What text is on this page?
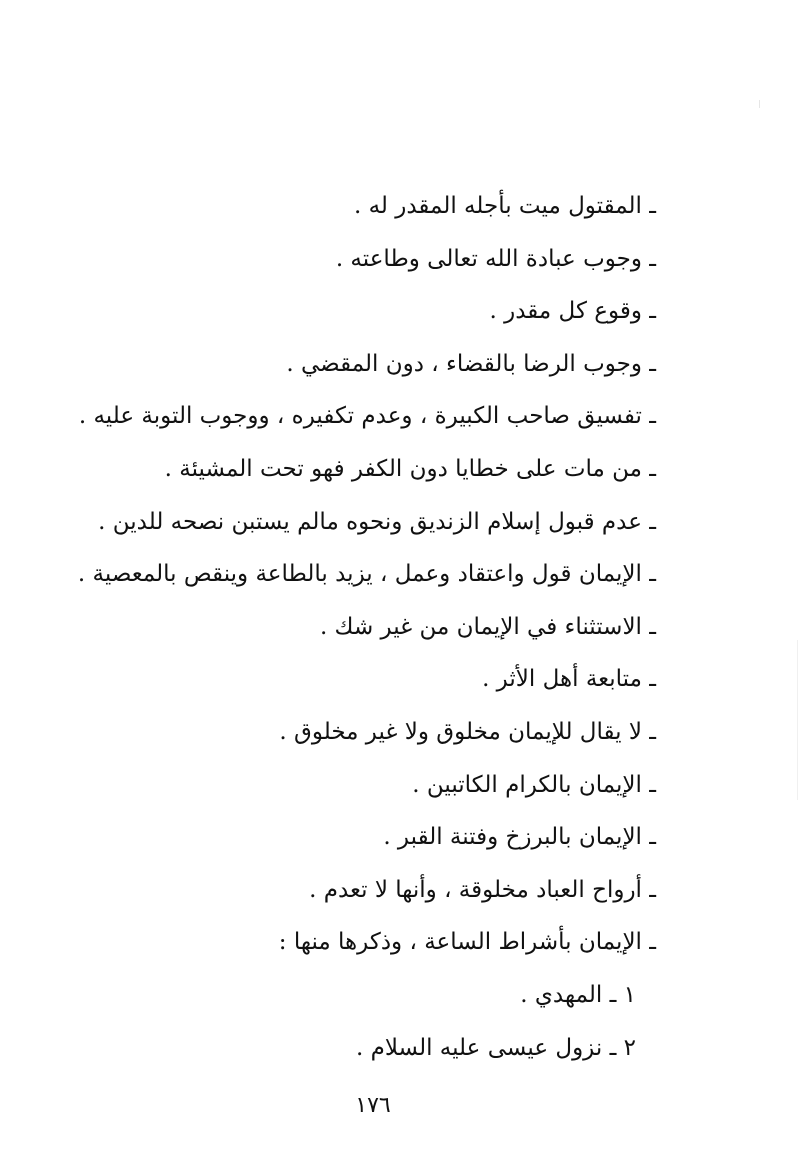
ـ المقتول ميت بأجله المقدر له .
ـ وجوب عبادة الله تعالى وطاعته .
ـ وقوع كل مقدر .
ـ وجوب الرضا بالقضاء ، دون المقضي .
ـ تفسيق صاحب الكبيرة ، وعدم تكفيره ، ووجوب التوبة عليه .
ـ من مات على خطايا دون الكفر فهو تحت المشيئة .
ـ عدم قبول إسلام الزنديق ونحوه مالم يستبن نصحه للدين .
ـ الإيمان قول واعتقاد وعمل ، يزيد بالطاعة وينقص بالمعصية .
ـ الاستثناء في الإيمان من غير شك .
ـ متابعة أهل الأثر .
ـ لا يقال للإيمان مخلوق ولا غير مخلوق .
ـ الإيمان بالكرام الكاتبين .
ـ الإيمان بالبرزخ وفتنة القبر .
ـ أرواح العباد مخلوقة ، وأنها لا تعدم .
ـ الإيمان بأشراط الساعة ، وذكرها منها :
١ ـ المهدي .
٢ ـ نزول عيسى عليه السلام .
١٧٦
